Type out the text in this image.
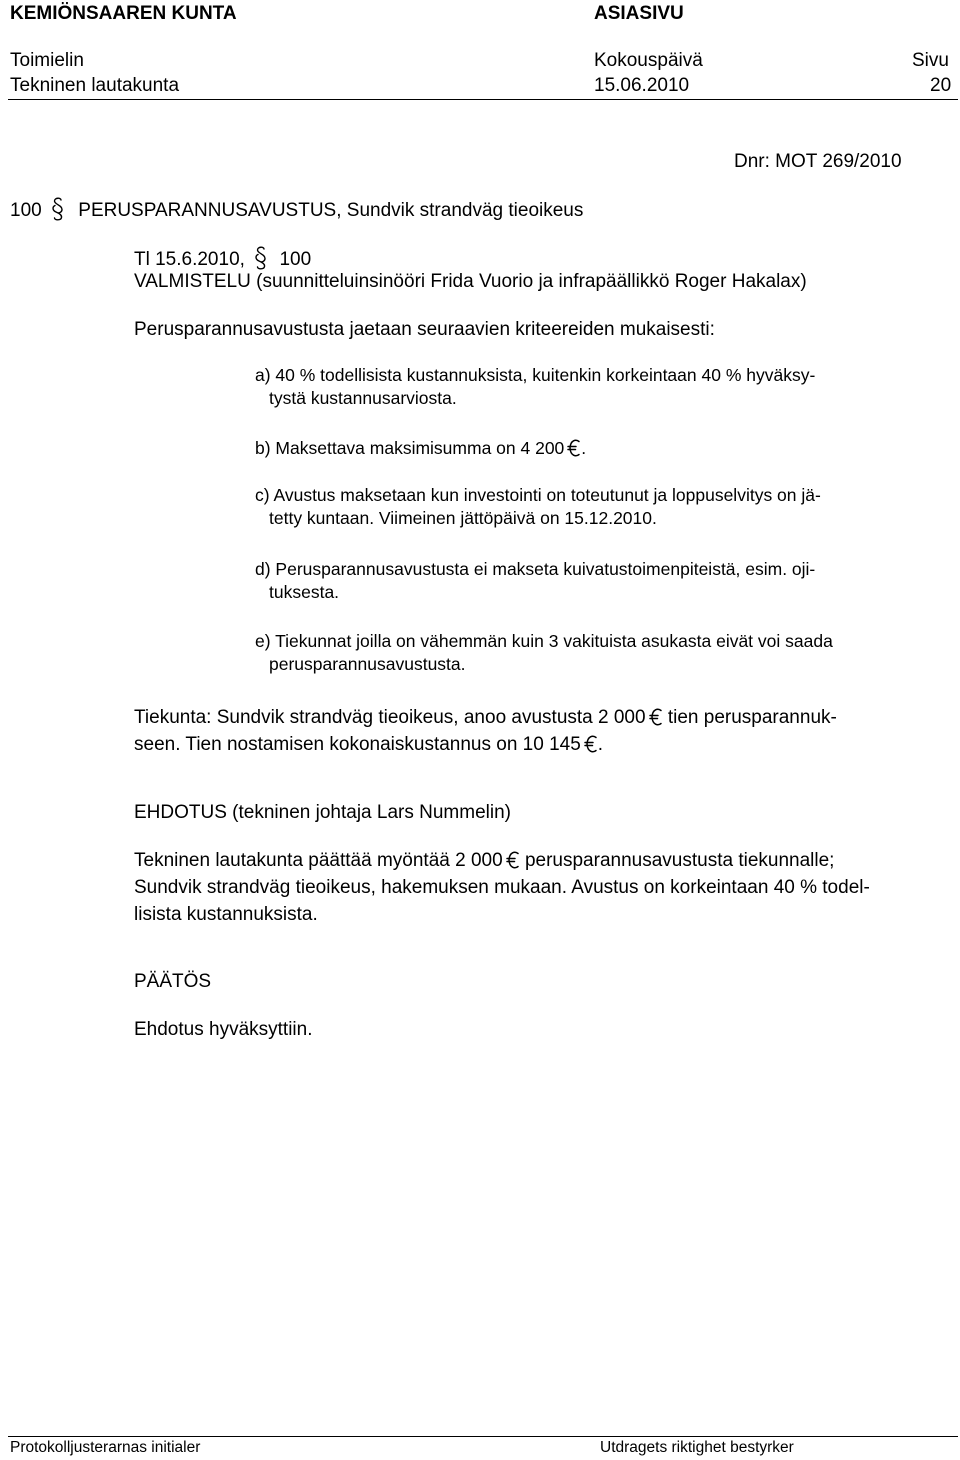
KEMIÖNSAAREN KUNTA	ASIASIVU
Toimielin	Kokouspäivä	Sivu
Tekninen lautakunta	15.06.2010	20
Dnr: MOT 269/2010
100 PERUSPARANNUSAVUSTUS, Sundvik strandväg tieoikeus
Tl 15.6.2010, 100
VALMISTELU (suunnitteluinsinööri Frida Vuorio ja infrapäällikkö Roger Hakalax)
Perusparannusavustusta jaetaan seuraavien kriteereiden mukaisesti:
a) 40 % todellisista kustannuksista, kuitenkin korkeintaan 40 % hyväksy-
tystä kustannusarviosta.
b) Maksettava maksimisumma on 4 200 .
c) Avustus maksetaan kun investointi on toteutunut ja loppuselvitys on jä-
tetty kuntaan. Viimeinen jättöpäivä on 15.12.2010.
d) Perusparannusavustusta ei makseta kuivatustoimenpiteistä, esim. oji-
tuksesta.
e) Tiekunnat joilla on vähemmän kuin 3 vakituista asukasta eivät voi saada
perusparannusavustusta.
Tiekunta: Sundvik strandväg tieoikeus, anoo avustusta 2 000 tien perusparannuk-
seen. Tien nostamisen kokonaiskustannus on 10 145 .
EHDOTUS (tekninen johtaja Lars Nummelin)
Tekninen lautakunta päättää myöntää 2 000 perusparannusavustusta tiekunnalle;
Sundvik strandväg tieoikeus, hakemuksen mukaan. Avustus on korkeintaan 40 % todel-
lisista kustannuksista.
PÄÄTÖS
Ehdotus hyväksyttiin.
Protokolljusterarnas initialer	Utdragets riktighet bestyrker
